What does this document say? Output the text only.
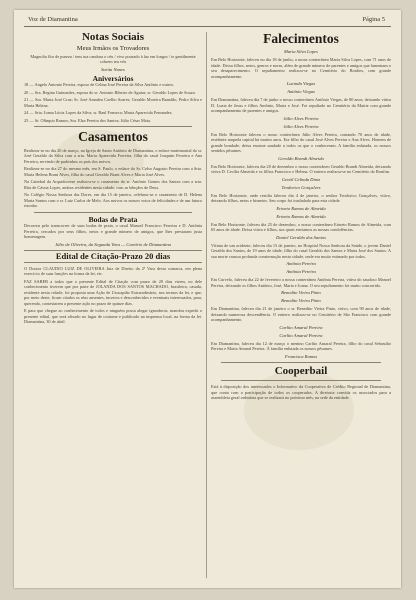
Voz de Diamantina	Página 5
Notas Sociais
Meus Irmãos os Trovadores

Magnolia flor de pureza / tens tua candura o céu / vivo pousado à luz em longos / te gentilmente cobrem teu véu

Sarita Nunes
Aniversários

18 — Angelo Antonio Pereira, esposo de Celina José Pereira da Silva Antônio e outros.

20 — Sra. Regina Guimarães, esposa do sr. Antonio Ribeiro de Aguiar; sr. Geraldo Lopes de Souza.

21 — Sra. Maria José Cruz; Sr. José Amadeu Coelho Soares; Geraldo Moreira Brandão, Pedro Silva e Maria Helena.

24 — Srta. Joana Lúcia Lopes da Silva; sr. Raul Fonseca; Maria Aparecida Fernandes.

25 — Sr. Olímpio Ramos; Sra. Elza Pereira dos Santos; Júlio César Mota.

Casamentos

Realizou-se no dia 20 de março, na Igreja de Santo Antônio de Diamantina, o enlace matrimonial do sr. José Geraldo da Silva com a srta. Maria Aparecida Ferreira, filha do casal Joaquim Ferreira e Ana Ferreira, servindo de padrinhos os pais dos noivos.

Realizou-se no dia 27 do mesmo mês, em S. Paulo, o enlace do Sr. Celso Augusto Pereira com a Srta. Maria Helena Brant Alves, filha do casal Geraldo Brant Alves e Maria José Alves.

Na Catedral da Arquidiocese realizou-se o casamento do sr. Antônio Gomes dos Santos com a srta. Rita de Cássia Lopes, ambos residentes nesta cidade, com as bênçãos de Deus.

No Colégio Nossa Senhora das Dores, em dia 15 de janeiro, celebrou-se o casamento de D. Helena Maria Santos com o sr. Luiz Carlos de Melo. Aos noivos os nossos votos de felicidades e de um futuro risonho.

Bodas de Prata

Decorreu pelo transcorrer de suas bodas de prata, o casal Manoel Francisco Ferreira e D. Antônia Ferreira, cercados por seus filhos, netos e grande número de amigos, que lhes prestaram justa homenagem.

Júlio de Oliveira, da Segunda Vara — Cartório de Diamantina
Edital de Citação-Prazo 20 dias

O Doutor CLAUDIO LUIZ DE OLIVEIRA Juiz de Direito da 2ª Vara desta comarca, em plena exercício de suas funções na forma da lei, etc.

FAZ SABER a todos que o presente Edital de Citação com prazo de 20 dias virem, ou dele conhecimento tiverem que por parte de JOLANDA DOS SANTOS MACHADO, brasileira, casada, residente nesta cidade, foi proposta uma Ação de Usucapião Extraordinário, nos termos da lei, e que, por meio deste, ficam citados os réus ausentes, incertos e desconhecidos e eventuais interessados, para, querendo, contestarem a presente ação no prazo de quinze dias.

E para que chegue ao conhecimento de todos e ninguém possa alegar ignorância, mandou expedir o presente edital, que será afixado no lugar de costume e publicado na imprensa local, na forma da lei. Diamantina, 30 de abril.

Falecimentos
Maria Silva Lopes

Em Belo Horizonte, faleceu no dia 18 de junho, a nossa conterrânea Maria Silva Lopes, com 71 anos de idade. Deixa filhos, netos, genros e noras, além de grande número de parentes e amigos que lamentam o seu desaparecimento. O sepultamento realizou-se no Cemitério do Bonfim, com grande acompanhamento.

Lucinda Viegas
Antônio Viegas

Em Diamantina, faleceu dia 7 de junho o nosso conterrâneo Antônio Viegas, de 80 anos, deixando viúva D. Luzia de Jesus e filhos Antônio, Maria e José. Foi sepultado no Cemitério da Matriz com grande acompanhamento de parentes e amigos.

Júlio Alves Pereira
Júlio Alves Pereira

Em Belo Horizonte faleceu o nosso conterrâneo Júlio Alves Pereira, contando 70 anos de idade, residente naquela capital há muitos anos. Era filho do casal José Alves Pereira e Ana Alves. Homem de grande bondade, deixa enorme saudade a todos os que o conheceram. A família enlutada, os nossos sentidos pêsames.

Geraldo Brandt Almeida

Em Belo Horizonte, faleceu dia 20 de dezembro o nosso conterrâneo Geraldo Brandt Almeida, deixando viúva D. Cecília Almeida e os filhos Francisco e Helena. O enterro realizou-se no Cemitério do Bonfim.

Gentil Celinda Diniz
Teodorico Gonçalves

Em Belo Horizonte, onde residia faleceu dia 4 de janeiro, o senhor Teodorico Gonçalves, viúvo, deixando filhos, netos e bisnetos. Seu corpo foi trasladado para esta cidade.

Erineto Ramos de Almeida
Erineto Ramos de Almeida

Em Belo Horizonte, faleceu dia 25 de dezembro, o nosso conterrâneo Erineto Ramos de Almeida, com 65 anos de idade. Deixa viúva e filhos, aos quais enviamos as nossas condolências.

Daniel Geraldo dos Santos

Vítima de um acidente, faleceu dia 15 de janeiro, no Hospital Nossa Senhora da Saúde, o jovem Daniel Geraldo dos Santos, de 19 anos de idade, filho do casal Geraldo dos Santos e Maria José dos Santos. A sua morte causou profunda consternação nesta cidade, onde era muito estimado por todos.

Antônia Pereira
Antônia Pereira

Em Curvelo, faleceu dia 22 de fevereiro a nossa conterrânea Antônia Pereira, viúva do saudoso Manoel Pereira, deixando os filhos Antônio, José, Maria e Joana. O seu sepultamento foi muito concorrido.

Benedito Vieira Pinto
Benedito Vieira Pinto

Em Diamantina, faleceu dia 21 de janeiro o sr. Benedito Vieira Pinto, viúvo, com 90 anos de idade, deixando numerosa descendência. O enterro realizou-se no Cemitério de São Francisco com grande acompanhamento.

Carlito Amaral Pereira
Carlito Amaral Pereira

Em Diamantina, faleceu dia 12 de março o menino Carlito Amaral Pereira, filho do casal Sebastião Pereira e Maria Amaral Pereira. À família enlutada os nossos pêsames.

Francisca Ramos
Cooperbail

Está à disposição dos interessados o Informativo da Cooperativa de Crédito Regional de Diamantina, que conta com a participação de todos os cooperados. A diretoria convida os associados para a assembleia geral ordinária que se realizará no próximo mês, na sede da entidade.
